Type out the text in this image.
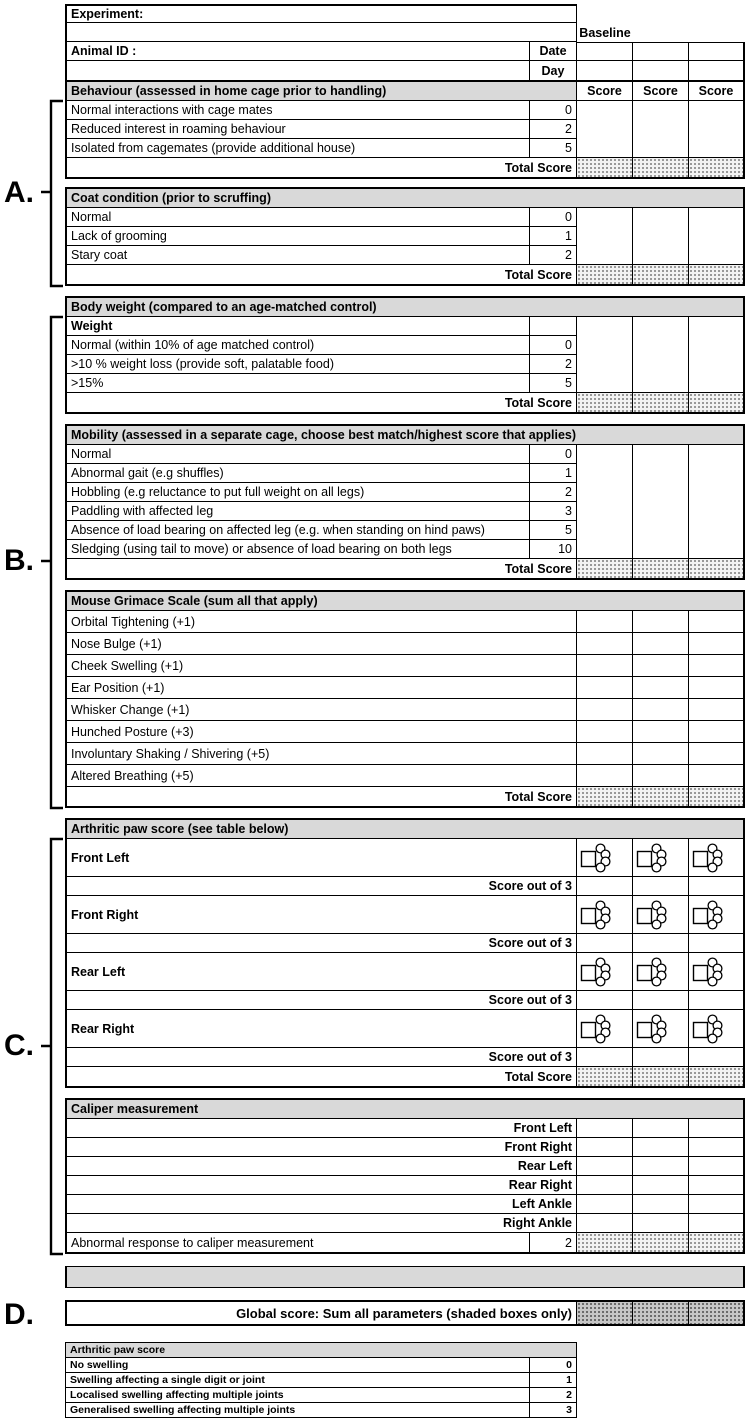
A.
B.
C.
D.
Experiment:
Baseline
Animal ID :	Date
Day
Behaviour (assessed in home cage prior to handling)	Score	Score	Score
Normal interactions with cage mates	0
Reduced interest in roaming behaviour	2
Isolated from cagemates (provide additional house)	5
Total Score
Coat condition (prior to scruffing)
Normal	0
Lack of grooming	1
Stary coat	2
Total Score
Body weight (compared to an age-matched control)
Weight
Normal (within 10% of age matched control)	0
>10 % weight loss (provide soft, palatable food)	2
>15%	5
Total Score
Mobility (assessed in a separate cage, choose best match/highest score that applies)
Normal	0
Abnormal gait (e.g shuffles)	1
Hobbling (e.g reluctance to put full weight on all legs)	2
Paddling with affected leg	3
Absence of load bearing on affected leg (e.g. when standing on hind paws)	5
Sledging (using tail to move) or absence of load bearing on both legs	10
Total Score
Mouse Grimace Scale (sum all that apply)
Orbital Tightening (+1)
Nose Bulge (+1)
Cheek Swelling (+1)
Ear Position (+1)
Whisker Change (+1)
Hunched Posture (+3)
Involuntary Shaking / Shivering (+5)
Altered Breathing (+5)
Total Score
Arthritic paw score (see table below)
Front Left
Score out of 3
Front Right
Score out of 3
Rear Left
Score out of 3
Rear Right
Score out of 3
Total Score
Caliper measurement
Front Left
Front Right
Rear Left
Rear Right
Left Ankle
Right Ankle
Abnormal response to caliper measurement	2
Global score: Sum all parameters (shaded boxes only)
Arthritic paw score
No swelling	0
Swelling affecting a single digit or joint	1
Localised swelling affecting multiple joints	2
Generalised swelling affecting multiple joints	3
